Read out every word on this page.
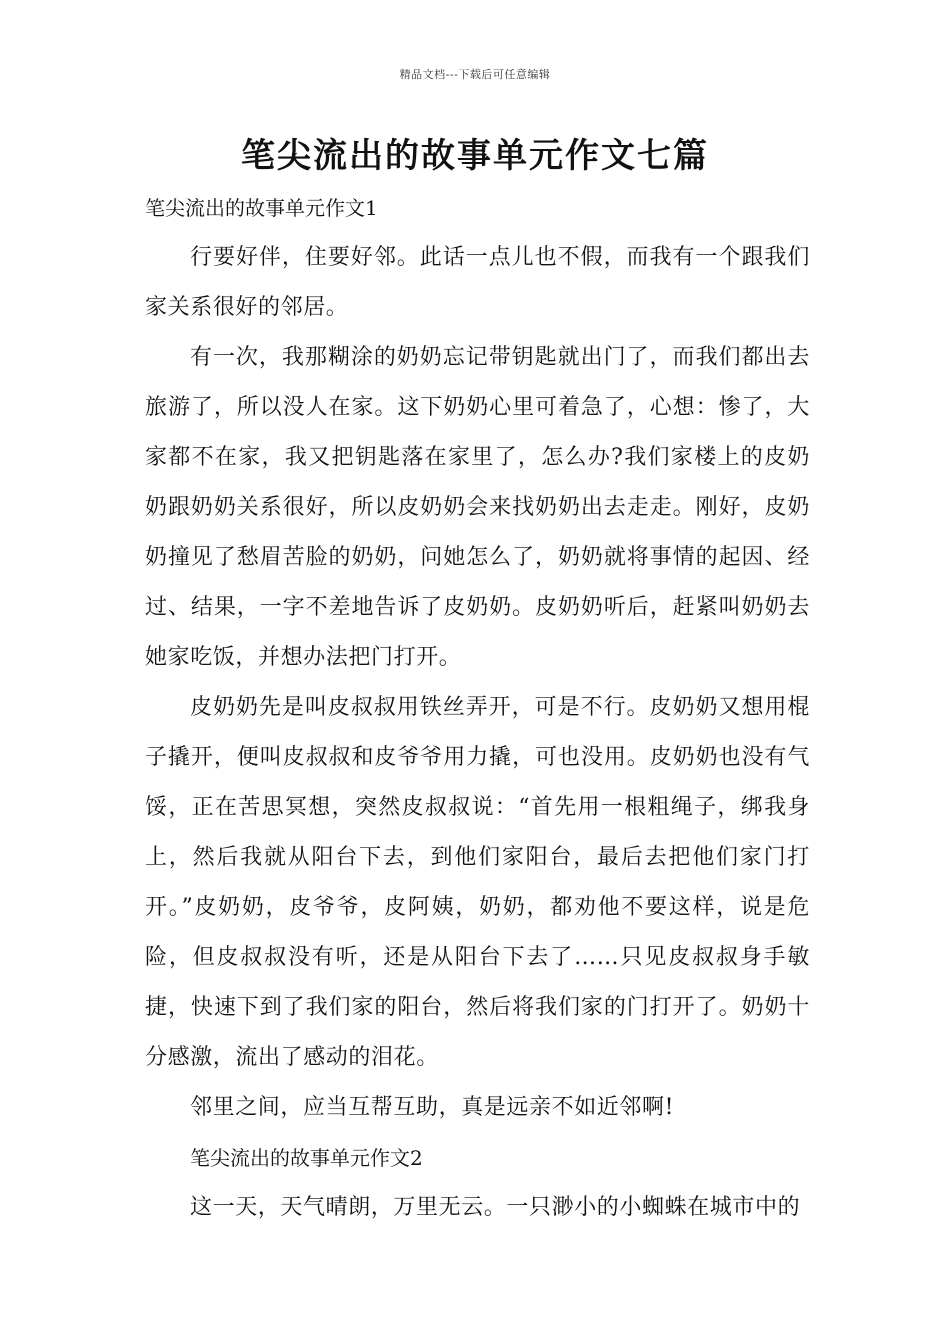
精品文档---下载后可任意编辑
笔尖流出的故事单元作文七篇
笔尖流出的故事单元作文1

行要好伴，住要好邻。此话一点儿也不假，而我有一个跟我们家关系很好的邻居。

有一次，我那糊涂的奶奶忘记带钥匙就出门了，而我们都出去旅游了，所以没人在家。这下奶奶心里可着急了，心想：惨了，大家都不在家，我又把钥匙落在家里了，怎么办?我们家楼上的皮奶奶跟奶奶关系很好，所以皮奶奶会来找奶奶出去走走。刚好，皮奶奶撞见了愁眉苦脸的奶奶，问她怎么了，奶奶就将事情的起因、经过、结果，一字不差地告诉了皮奶奶。皮奶奶听后，赶紧叫奶奶去她家吃饭，并想办法把门打开。

皮奶奶先是叫皮叔叔用铁丝弄开，可是不行。皮奶奶又想用棍子撬开，便叫皮叔叔和皮爷爷用力撬，可也没用。皮奶奶也没有气馁，正在苦思冥想，突然皮叔叔说：“首先用一根粗绳子，绑我身上，然后我就从阳台下去，到他们家阳台，最后去把他们家门打开。”皮奶奶，皮爷爷，皮阿姨，奶奶，都劝他不要这样，说是危险，但皮叔叔没有听，还是从阳台下去了……只见皮叔叔身手敏捷，快速下到了我们家的阳台，然后将我们家的门打开了。奶奶十分感激，流出了感动的泪花。

邻里之间，应当互帮互助，真是远亲不如近邻啊!

笔尖流出的故事单元作文2

这一天，天气晴朗，万里无云。一只渺小的小蜘蛛在城市中的
